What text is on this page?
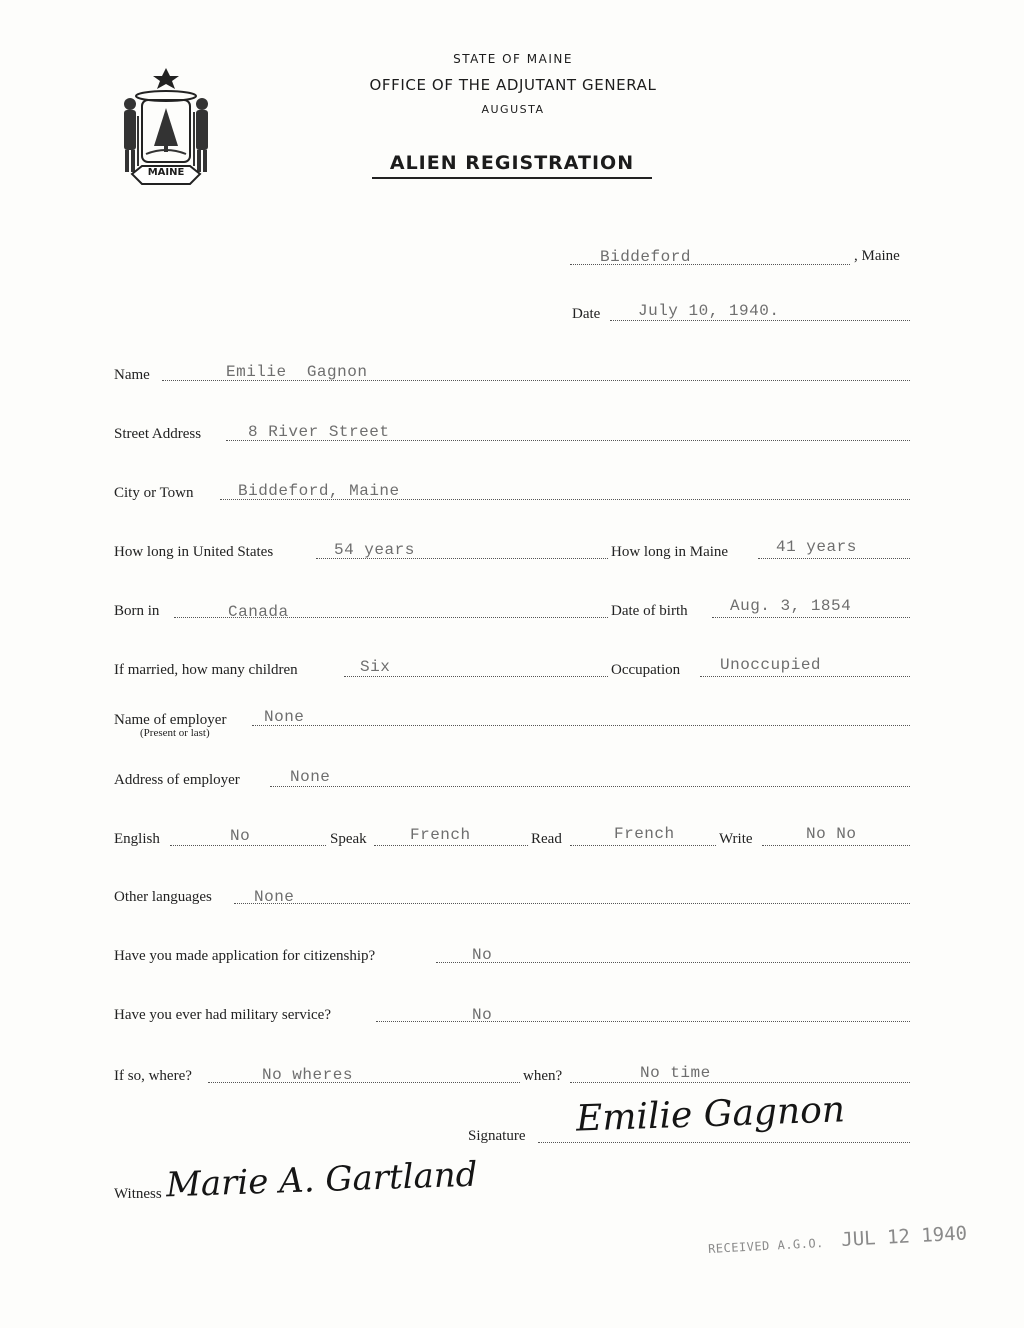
MAINE
STATE OF MAINE
OFFICE OF THE ADJUTANT GENERAL
AUGUSTA
ALIEN REGISTRATION
Biddeford	, Maine
Date July 10, 1940.
Name	Emilie  Gagnon
Street Address	8 River Street
City or Town	Biddeford, Maine
How long in United States	54 years	How long in Maine	41 years
Born in	Canada	Date of birth	Aug. 3, 1854
If married, how many children	Six	Occupation Unoccupied
Name of employer
(Present or last)
None
Address of employer	None
English	No	Speak	French	Read	French	Write	No No
Other languages	None
Have you made application for citizenship?	No
Have you ever had military service?	No
If so, where?	No wheres	when?	No time
Signature Emilie Gagnon
Witness Marie A. Gartland
RECEIVED A.G.O. JUL 12 1940
